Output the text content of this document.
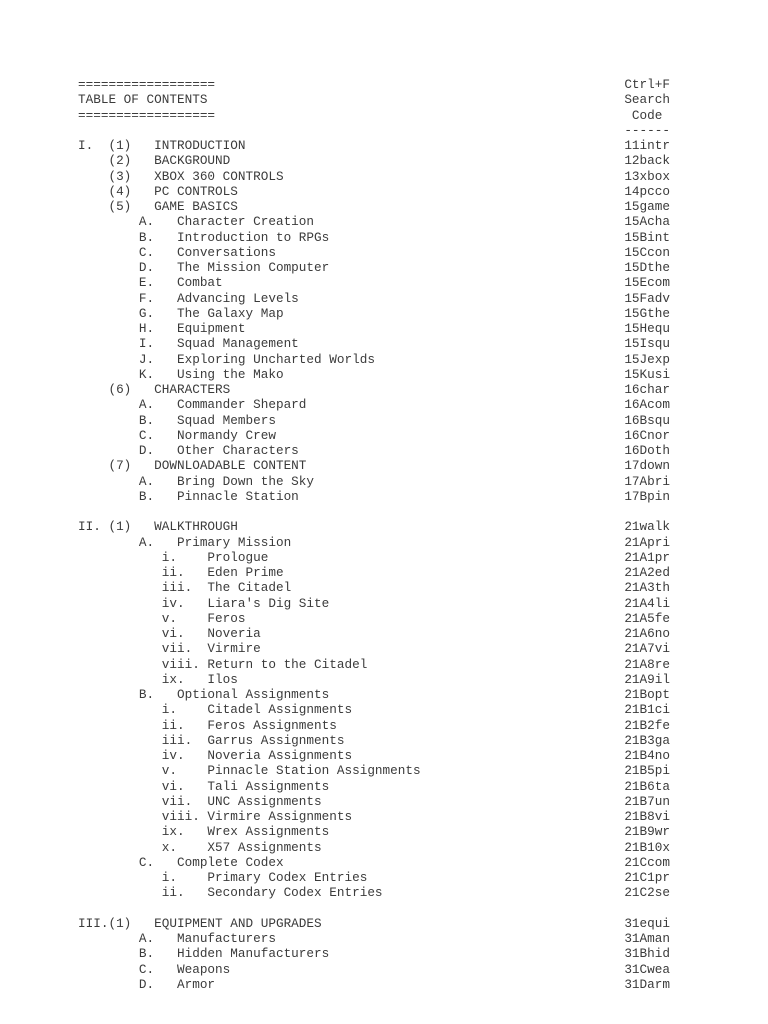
==================	Ctrl+F
TABLE OF CONTENTS	Search
==================	Code
------
I.  (1)   INTRODUCTION	11intr
(2)   BACKGROUND	12back
(3)   XBOX 360 CONTROLS	13xbox
(4)   PC CONTROLS	14pcco
(5)   GAME BASICS	15game
A.   Character Creation	15Acha
B.   Introduction to RPGs	15Bint
C.   Conversations	15Ccon
D.   The Mission Computer	15Dthe
E.   Combat	15Ecom
F.   Advancing Levels	15Fadv
G.   The Galaxy Map	15Gthe
H.   Equipment	15Hequ
I.   Squad Management	15Isqu
J.   Exploring Uncharted Worlds	15Jexp
K.   Using the Mako	15Kusi
(6)   CHARACTERS	16char
A.   Commander Shepard	16Acom
B.   Squad Members	16Bsqu
C.   Normandy Crew	16Cnor
D.   Other Characters	16Doth
(7)   DOWNLOADABLE CONTENT	17down
A.   Bring Down the Sky	17Abri
B.   Pinnacle Station	17Bpin
II. (1)   WALKTHROUGH	21walk
A.   Primary Mission	21Apri
i.    Prologue	21A1pr
ii.   Eden Prime	21A2ed
iii.  The Citadel	21A3th
iv.   Liara's Dig Site	21A4li
v.    Feros	21A5fe
vi.   Noveria	21A6no
vii.  Virmire	21A7vi
viii. Return to the Citadel	21A8re
ix.   Ilos	21A9il
B.   Optional Assignments	21Bopt
i.    Citadel Assignments	21B1ci
ii.   Feros Assignments	21B2fe
iii.  Garrus Assignments	21B3ga
iv.   Noveria Assignments	21B4no
v.    Pinnacle Station Assignments	21B5pi
vi.   Tali Assignments	21B6ta
vii.  UNC Assignments	21B7un
viii. Virmire Assignments	21B8vi
ix.   Wrex Assignments	21B9wr
x.    X57 Assignments	21B10x
C.   Complete Codex	21Ccom
i.    Primary Codex Entries	21C1pr
ii.   Secondary Codex Entries	21C2se
III.(1)   EQUIPMENT AND UPGRADES	31equi
A.   Manufacturers	31Aman
B.   Hidden Manufacturers	31Bhid
C.   Weapons	31Cwea
D.   Armor	31Darm
